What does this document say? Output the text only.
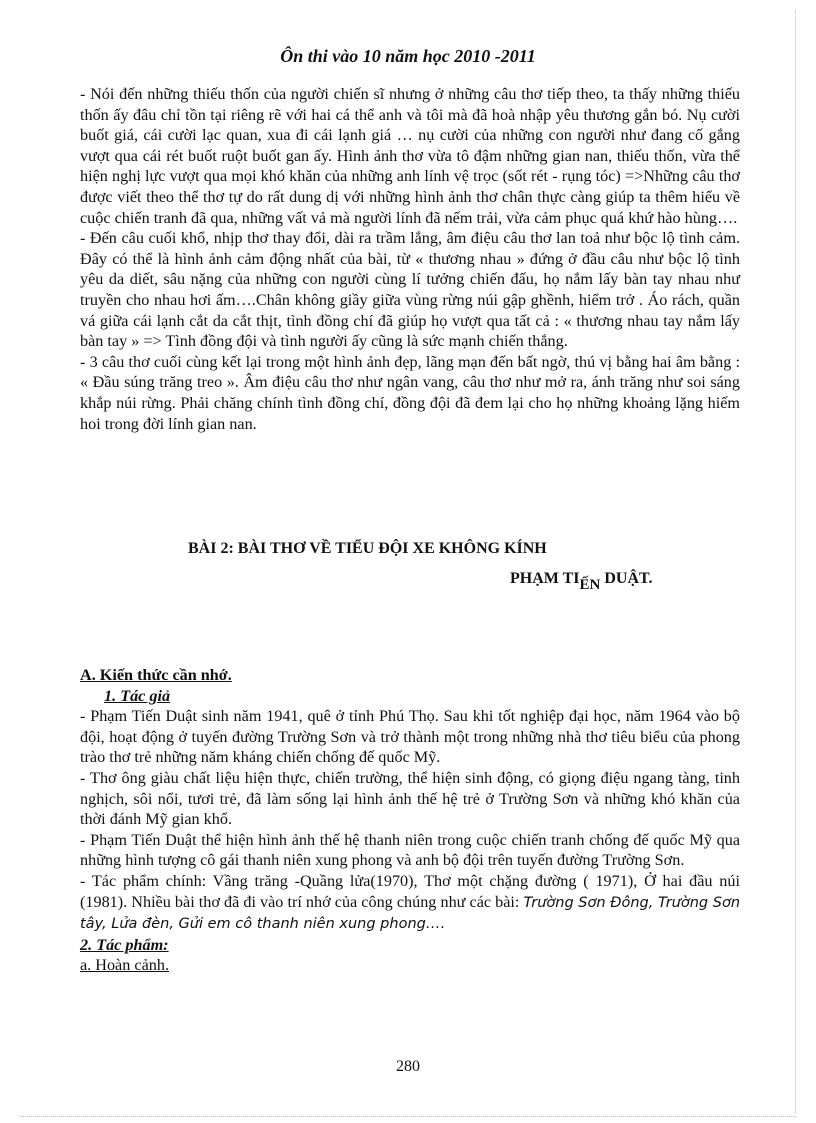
Ôn thi vào 10 năm học 2010 -2011

- Nói đến những thiếu thốn của người chiến sĩ nhưng ở những câu thơ tiếp theo, ta thấy những thiếu thốn ấy đâu chỉ tồn tại riêng rẽ với hai cá thể anh và tôi mà đã hoà nhập yêu thương gắn bó. Nụ cười buốt giá, cái cười lạc quan, xua đi cái lạnh giá … nụ cười của những con người như đang cố gắng vượt qua cái rét buốt ruột buốt gan ấy. Hình ảnh thơ vừa tô đậm những gian nan, thiếu thốn, vừa thể hiện nghị lực vượt qua mọi khó khăn của những anh lính vệ trọc (sốt rét - rụng tóc) =>Những câu thơ được viết theo thể thơ tự do rất dung dị với những hình ảnh thơ chân thực càng giúp ta thêm hiểu về cuộc chiến tranh đã qua, những vất vả mà người lính đã nếm trải, vừa cảm phục quá khứ hào hùng….

- Đến câu cuối khổ, nhịp thơ thay đổi, dài ra trầm lắng, âm điệu câu thơ lan toả như bộc lộ tình cảm. Đây có thể là hình ảnh cảm động nhất của bài, từ « thương nhau » đứng ở đầu câu như bộc lộ tình yêu da diết, sâu nặng của những con người cùng lí tưởng chiến đấu, họ nắm lấy bàn tay nhau như truyền cho nhau hơi ấm….Chân không giầy giữa vùng rừng núi gập ghềnh, hiểm trở . Áo rách, quần vá giữa cái lạnh cắt da cắt thịt, tình đồng chí đã giúp họ vượt qua tất cả : « thương nhau tay nắm lấy bàn tay » => Tình đồng đội và tình người ấy cũng là sức mạnh chiến thắng.

- 3 câu thơ cuối cùng kết lại trong một hình ảnh đẹp, lãng mạn đến bất ngờ, thú vị bằng hai âm bằng : « Đầu súng trăng treo ». Âm điệu câu thơ như ngân vang, câu thơ như mở ra, ánh trăng như soi sáng khắp núi rừng. Phải chăng chính tình đồng chí, đồng đội đã đem lại cho họ những khoảng lặng hiếm hoi trong đời lính gian nan.

BÀI 2: BÀI THƠ VỀ TIỂU ĐỘI XE KHÔNG KÍNH
PHẠM TIẾN DUẬT.

A. Kiến thức cần nhớ.

1. Tác giả

- Phạm Tiến Duật sinh năm 1941, quê ở tỉnh Phú Thọ. Sau khi tốt nghiệp đại học, năm 1964 vào bộ đội, hoạt động ở tuyến đường Trường Sơn và trở thành một trong những nhà thơ tiêu biểu của phong trào thơ trẻ những năm kháng chiến chống đế quốc Mỹ.

- Thơ ông giàu chất liệu hiện thực, chiến trường, thể hiện sinh động, có giọng điệu ngang tàng, tinh nghịch, sôi nổi, tươi trẻ, đã làm sống lại hình ảnh thế hệ trẻ ở Trường Sơn và những khó khăn của thời đánh Mỹ gian khổ.

- Phạm Tiến Duật thể hiện hình ảnh thế hệ thanh niên trong cuộc chiến tranh chống đế quốc Mỹ qua những hình tượng cô gái thanh niên xung phong và anh bộ đội trên tuyến đường Trường Sơn.

- Tác phẩm chính: Vầng trăng -Quầng lửa(1970), Thơ một chặng đường ( 1971), Ở hai đầu núi (1981). Nhiều bài thơ đã đi vào trí nhớ của công chúng như các bài: Trường Sơn Đông, Trường Sơn tây, Lửa đèn, Gửi em cô thanh niên xung phong….

2. Tác phẩm:

a. Hoàn cảnh.

280
